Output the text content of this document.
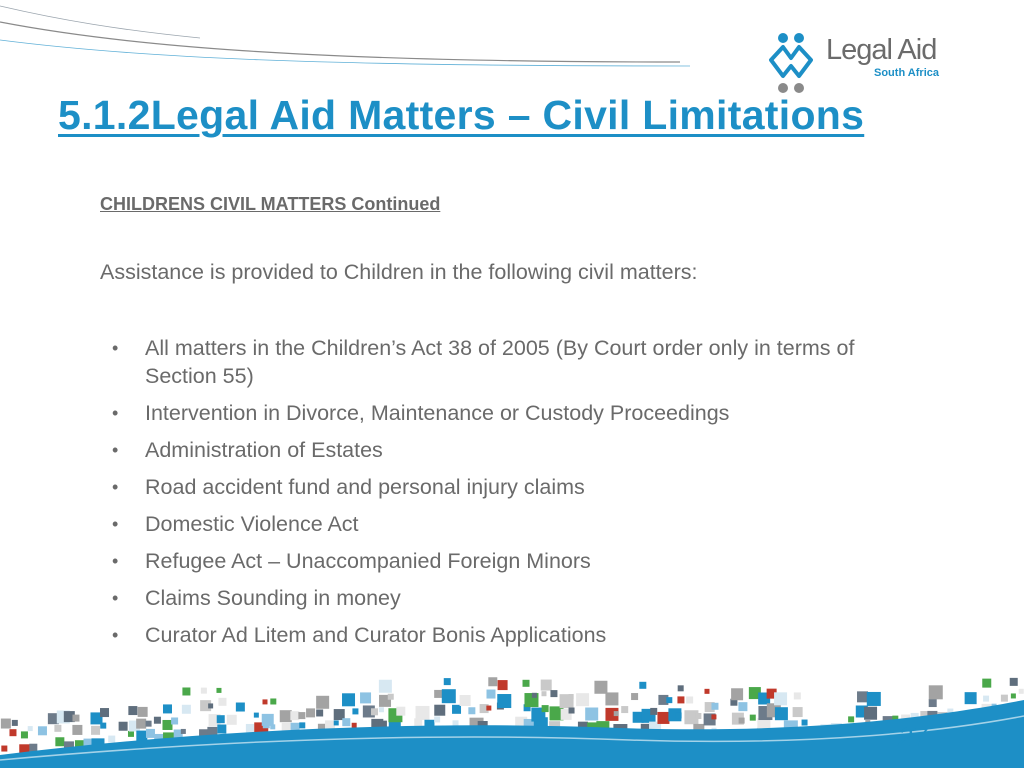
Legal Aid
South Africa
5.1.2Legal Aid Matters – Civil Limitations
CHILDRENS CIVIL MATTERS Continued
Assistance is provided to Children in the following civil matters:
• All matters in the Children’s Act 38 of 2005 (By Court order only in terms of Section 55)
• Intervention in Divorce, Maintenance or Custody Proceedings
• Administration of Estates
• Road accident fund and personal injury claims
• Domestic Violence Act
• Refugee Act – Unaccompanied Foreign Minors
• Claims Sounding in money
• Curator Ad Litem and Curator Bonis Applications
27
